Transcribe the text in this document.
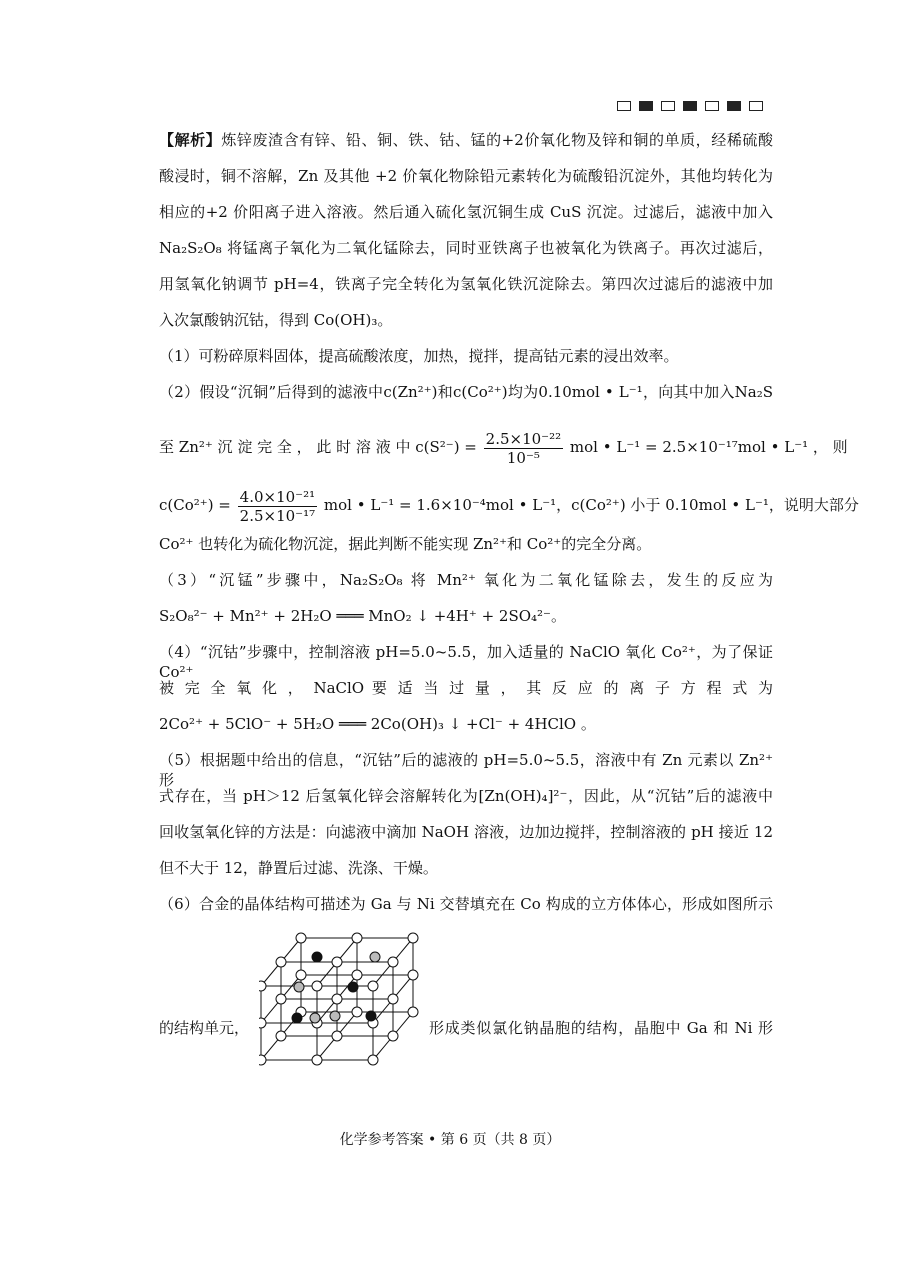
【解析】炼锌废渣含有锌、铅、铜、铁、钴、锰的+2价氧化物及锌和铜的单质，经稀硫酸
酸浸时，铜不溶解，Zn 及其他 +2 价氧化物除铅元素转化为硫酸铅沉淀外，其他均转化为
相应的+2 价阳离子进入溶液。然后通入硫化氢沉铜生成 CuS 沉淀。过滤后，滤液中加入
Na₂S₂O₈ 将锰离子氧化为二氧化锰除去，同时亚铁离子也被氧化为铁离子。再次过滤后，
用氢氧化钠调节 pH=4，铁离子完全转化为氢氧化铁沉淀除去。第四次过滤后的滤液中加
入次氯酸钠沉钴，得到 Co(OH)₃。
（1）可粉碎原料固体，提高硫酸浓度，加热，搅拌，提高钴元素的浸出效率。
（2）假设“沉铜”后得到的滤液中c(Zn²⁺)和c(Co²⁺)均为0.10mol • L⁻¹，向其中加入Na₂S
至 Zn²⁺ 沉 淀 完 全 ， 此 时 溶 液 中 $c(S^{2-}) = \frac{\text{2.5×10⁻²²}}{\text{10⁻⁵}}$ mol • L⁻¹ = 2.5×10⁻¹⁷mol • L⁻¹ ， 则
$c(Co^{2+}) = \frac{\text{4.0×10⁻²¹}}{\text{2.5×10⁻¹⁷}}$ mol • L⁻¹ = 1.6×10⁻⁴mol • L⁻¹，c(Co²⁺) 小于 0.10mol • L⁻¹，说明大部分
Co²⁺ 也转化为硫化物沉淀，据此判断不能实现 Zn²⁺和 Co²⁺的完全分离。
（3）“沉锰”步骤中，Na₂S₂O₈ 将 Mn²⁺ 氧化为二氧化锰除去，发生的反应为
S₂O₈²⁻ + Mn²⁺ + 2H₂O ═══ MnO₂ ↓ +4H⁺ + 2SO₄²⁻。
（4）“沉钴”步骤中，控制溶液 pH=5.0~5.5，加入适量的 NaClO 氧化 Co²⁺，为了保证 Co²⁺
被 完 全 氧 化 ， NaClO 要 适 当 过 量 ， 其 反 应 的 离 子 方 程 式 为
2Co²⁺ + 5ClO⁻ + 5H₂O ═══ 2Co(OH)₃ ↓ +Cl⁻ + 4HClO 。
（5）根据题中给出的信息，“沉钴”后的滤液的 pH=5.0~5.5，溶液中有 Zn 元素以 Zn²⁺ 形
式存在，当 pH＞12 后氢氧化锌会溶解转化为[Zn(OH)₄]²⁻，因此，从“沉钴”后的滤液中
回收氢氧化锌的方法是：向滤液中滴加 NaOH 溶液，边加边搅拌，控制溶液的 pH 接近 12
但不大于 12，静置后过滤、洗涤、干燥。
（6）合金的晶体结构可描述为 Ga 与 Ni 交替填充在 Co 构成的立方体体心，形成如图所示
的结构单元，	形成类似氯化钠晶胞的结构，晶胞中 Ga 和 Ni 形
化学参考答案 • 第 6 页（共 8 页）
